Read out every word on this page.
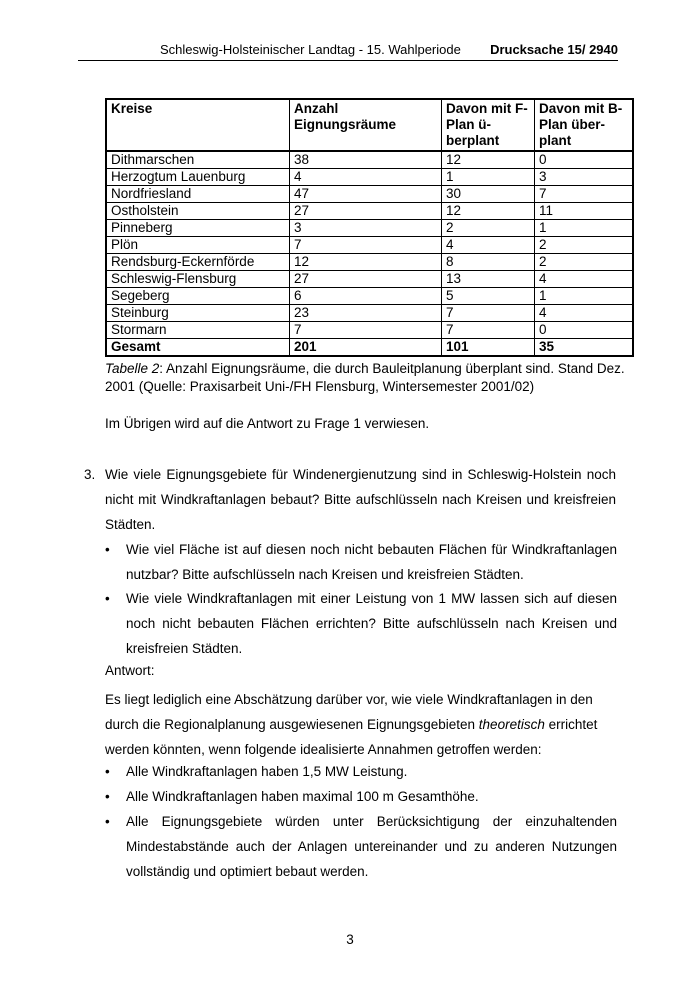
Schleswig-Holsteinischer Landtag - 15. Wahlperiode Drucksache 15/ 2940
Kreise	Anzahl Eignungsräume	Davon mit F-Plan ü-berplant	Davon mit B-Plan über-plant
Dithmarschen	38	12	0
Herzogtum Lauenburg	4	1	3
Nordfriesland	47	30	7
Ostholstein	27	12	11
Pinneberg	3	2	1
Plön	7	4	2
Rendsburg-Eckernförde	12	8	2
Schleswig-Flensburg	27	13	4
Segeberg	6	5	1
Steinburg	23	7	4
Stormarn	7	7	0
Gesamt	201	101	35
Tabelle 2: Anzahl Eignungsräume, die durch Bauleitplanung überplant sind. Stand Dez. 2001 (Quelle: Praxisarbeit Uni-/FH Flensburg, Wintersemester 2001/02)
Im Übrigen wird auf die Antwort zu Frage 1 verwiesen.
3. Wie viele Eignungsgebiete für Windenergienutzung sind in Schleswig-Holstein noch nicht mit Windkraftanlagen bebaut? Bitte aufschlüsseln nach Kreisen und kreisfreien Städten.
• Wie viel Fläche ist auf diesen noch nicht bebauten Flächen für Windkraftanlagen nutzbar? Bitte aufschlüsseln nach Kreisen und kreisfreien Städten.
• Wie viele Windkraftanlagen mit einer Leistung von 1 MW lassen sich auf diesen noch nicht bebauten Flächen errichten? Bitte aufschlüsseln nach Kreisen und kreisfreien Städten.
Antwort:
Es liegt lediglich eine Abschätzung darüber vor, wie viele Windkraftanlagen in den durch die Regionalplanung ausgewiesenen Eignungsgebieten theoretisch errichtet werden könnten, wenn folgende idealisierte Annahmen getroffen werden:
• Alle Windkraftanlagen haben 1,5 MW Leistung.
• Alle Windkraftanlagen haben maximal 100 m Gesamthöhe.
• Alle Eignungsgebiete würden unter Berücksichtigung der einzuhaltenden Mindestabstände auch der Anlagen untereinander und zu anderen Nutzungen vollständig und optimiert bebaut werden.
3
